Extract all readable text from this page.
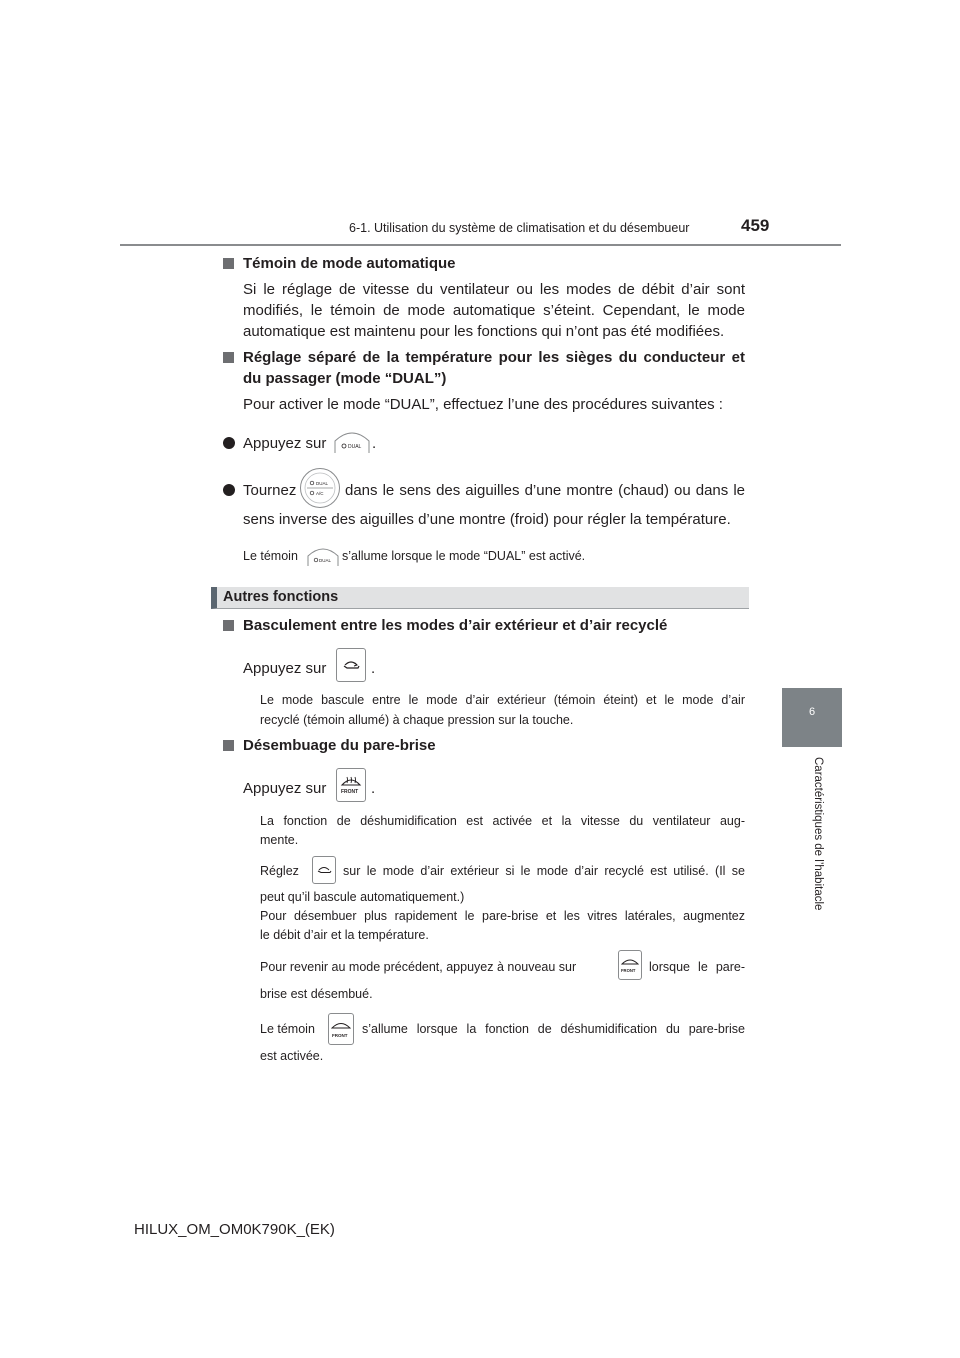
6-1. Utilisation du système de climatisation et du désembueur	459
6
Caractéristiques de l’habitacle
Témoin de mode automatique
Si le réglage de vitesse du ventilateur ou les modes de débit d’air sont
modifiés, le témoin de mode automatique s’éteint. Cependant, le mode
automatique est maintenu pour les fonctions qui n’ont pas été modifiées.
Réglage séparé de la température pour les sièges du conducteur et
du passager (mode “DUAL”)
Pour activer le mode “DUAL”, effectuez l’une des procédures suivantes :
Appuyez sur	DUAL .
Tournez	DUAL
A/C dans le sens des aiguilles d’une montre (chaud) ou dans le
sens inverse des aiguilles d’une montre (froid) pour régler la température.
Le témoin	DUAL s’allume lorsque le mode “DUAL” est activé.
Autres fonctions
Basculement entre les modes d’air extérieur et d’air recyclé
Appuyez sur	.
Le mode bascule entre le mode d’air extérieur (témoin éteint) et le mode d’air
recyclé (témoin allumé) à chaque pression sur la touche.
Désembuage du pare-brise
Appuyez sur	FRONT .
La fonction de déshumidification est activée et la vitesse du ventilateur aug-
mente.
Réglez	sur le mode d’air extérieur si le mode d’air recyclé est utilisé. (Il se
peut qu’il bascule automatiquement.)
Pour désembuer plus rapidement le pare-brise et les vitres latérales, augmentez
le débit d’air et la température.
Pour revenir au mode précédent, appuyez à nouveau sur	FRONT lorsque le pare-
brise est désembué.
Le témoin	FRONT s’allume lorsque la fonction de déshumidification du pare-brise
est activée.
HILUX_OM_OM0K790K_(EK)
